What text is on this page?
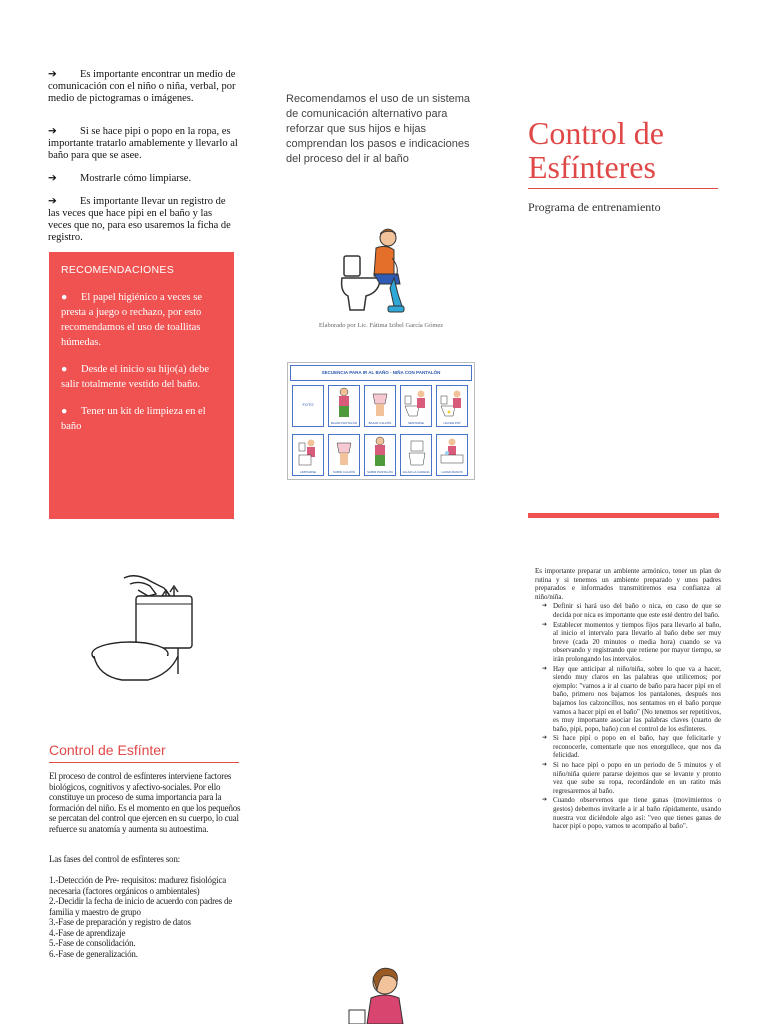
➔ Es importante encontrar un medio de comunicación con el niño o niña, verbal, por medio de pictogramas o imágenes.
➔ Si se hace pipi o popo en la ropa, es importante tratarlo amablemente y llevarlo al baño para que se asee.
➔ Mostrarle cómo limpiarse.
➔ Es importante llevar un registro de las veces que hace pipi en el baño y las veces que no, para eso usaremos la ficha de registro.
RECOMENDACIONES
● El papel higiénico a veces se presta a juego o rechazo, por esto recomendamos el uso de toallitas húmedas.
● Desde el inicio su hijo(a) debe salir totalmente vestido del baño.
● Tener un kit de limpieza en el baño
Recomendamos el uso de un sistema de comunicación alternativo para reforzar que sus hijos e hijas comprendan los pasos e indicaciones del proceso del ir al baño
Elaborado por Lic. Fátima Izibel García Gómez
SECUENCIA PARA IR AL BAÑO - NIÑA CON PANTALÓN
FOTO
BAJAR PANTALÓN	BAJAR CALZÓN	SENTARSE	HACER PIPÍ
LIMPIARSE	SUBIR CALZÓN	SUBIR PANTALÓN	JALAR LA CADENA	LAVAR MANOS
Control de Esfínteres
Programa de entrenamiento
Control de Esfínter
El proceso de control de esfínteres interviene factores biológicos, cognitivos y afectivo-sociales. Por ello constituye un proceso de suma importancia para la formación del niño. Es el momento en que los pequeños se percatan del control que ejercen en su cuerpo, lo cual refuerce su anatomía y aumenta su autoestima.
Las fases del control de esfínteres son:
1.-Detección de Pre- requisitos: madurez fisiológica necesaria (factores orgánicos o ambientales)
2.-Decidir la fecha de inicio de acuerdo con padres de familia y maestro de grupo
3.-Fase de preparación y registro de datos
4.-Fase de aprendizaje
5.-Fase de consolidación.
6.-Fase de generalización.
Es importante preparar un ambiente armónico, tener un plan de rutina y si tenemos un ambiente preparado y unos padres preparados e informados transmitiremos esa confianza al niño/niña.
➔ Definir si hará uso del baño o nica, en caso de que se decida por nica es importante que este esté dentro del baño.
➔ Establecer momentos y tiempos fijos para llevarlo al baño, al inicio el intervalo para llevarlo al baño debe ser muy breve (cada 20 minutos o media hora) cuando se va observando y registrando que retiene por mayor tiempo, se irán prolongando los intervalos.
➔ Hay que anticipar al niño/niña, sobre lo que va a hacer, siendo muy claros en las palabras que utilicemos; por ejemplo: "vamos a ir al cuarto de baño para hacer pipí en el baño, primero nos bajamos los pantalones, después nos bajamos los calzoncillos, nos sentamos en el baño porque vamos a hacer pipí en el baño" (No tenemos ser repetitivos, es muy importante asociar las palabras claves (cuarto de baño, pipí, popo, baño) con el control de los esfínteres.
➔ Si hace pipí o popo en el baño, hay que felicitarle y reconocerle, comentarle que nos enorgullece, que nos da felicidad.
➔ Si no hace pipí o popo en un periodo de 5 minutos y el niño/niña quiere pararse dejemos que se levante y pronto vez que sube su ropa, recordándole en un ratito más regresaremos al baño.
➔ Cuando observemos que tiene ganas (movimientos o gestos) debemos invitarle a ir al baño rápidamente, usando nuestra voz diciéndole algo así: "veo que tienes ganas de hacer pipí o popo, vamos te acompaño al baño".
